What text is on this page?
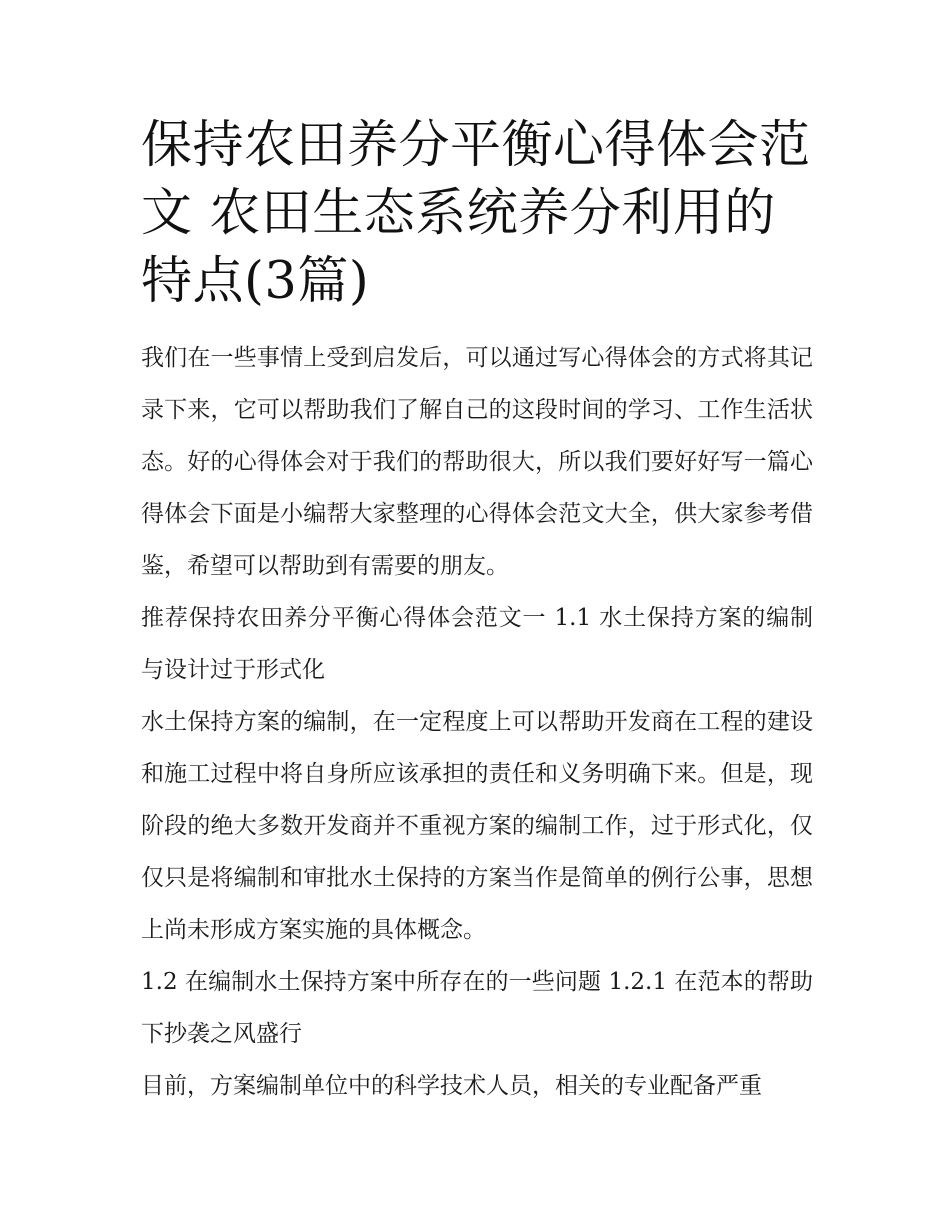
保持农田养分平衡心得体会范文 农田生态系统养分利用的特点(3篇)

我们在一些事情上受到启发后，可以通过写心得体会的方式将其记录下来，它可以帮助我们了解自己的这段时间的学习、工作生活状态。好的心得体会对于我们的帮助很大，所以我们要好好写一篇心得体会下面是小编帮大家整理的心得体会范文大全，供大家参考借鉴，希望可以帮助到有需要的朋友。

推荐保持农田养分平衡心得体会范文一 1.1 水土保持方案的编制与设计过于形式化

水土保持方案的编制，在一定程度上可以帮助开发商在工程的建设和施工过程中将自身所应该承担的责任和义务明确下来。但是，现阶段的绝大多数开发商并不重视方案的编制工作，过于形式化，仅仅只是将编制和审批水土保持的方案当作是简单的例行公事，思想上尚未形成方案实施的具体概念。

1.2 在编制水土保持方案中所存在的一些问题 1.2.1 在范本的帮助下抄袭之风盛行

目前，方案编制单位中的科学技术人员，相关的专业配备严重
